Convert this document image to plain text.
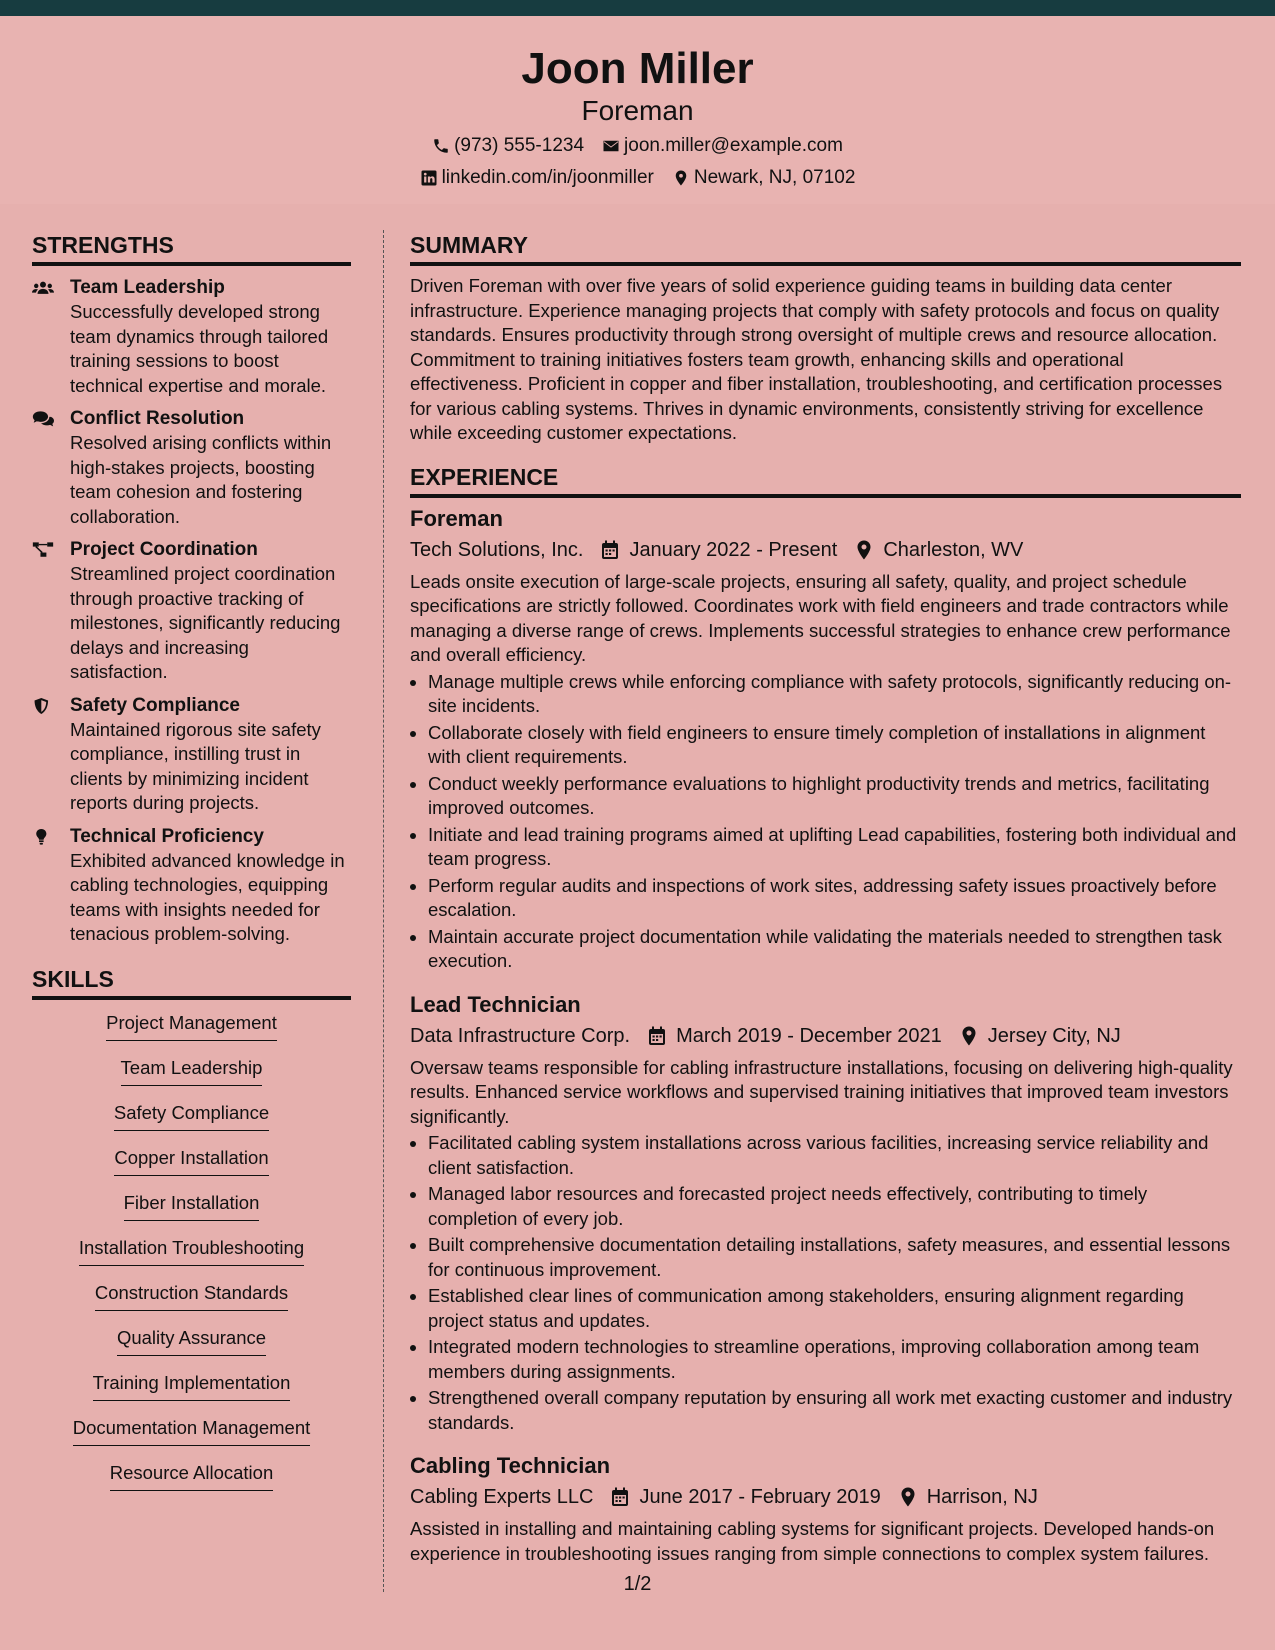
Joon Miller
Foreman
(973) 555-1234 joon.miller@example.com
linkedin.com/in/joonmiller Newark, NJ, 07102
STRENGTHS
Team Leadership
Successfully developed strong team dynamics through tailored training sessions to boost technical expertise and morale.
Conflict Resolution
Resolved arising conflicts within high-stakes projects, boosting team cohesion and fostering collaboration.
Project Coordination
Streamlined project coordination through proactive tracking of milestones, significantly reducing delays and increasing satisfaction.
Safety Compliance
Maintained rigorous site safety compliance, instilling trust in clients by minimizing incident reports during projects.
Technical Proficiency
Exhibited advanced knowledge in cabling technologies, equipping teams with insights needed for tenacious problem-solving.
SKILLS
Project Management
Team Leadership
Safety Compliance
Copper Installation
Fiber Installation
Installation Troubleshooting
Construction Standards
Quality Assurance
Training Implementation
Documentation Management
Resource Allocation
SUMMARY

Driven Foreman with over five years of solid experience guiding teams in building data center infrastructure. Experience managing projects that comply with safety protocols and focus on quality standards. Ensures productivity through strong oversight of multiple crews and resource allocation. Commitment to training initiatives fosters team growth, enhancing skills and operational effectiveness. Proficient in copper and fiber installation, troubleshooting, and certification processes for various cabling systems. Thrives in dynamic environments, consistently striving for excellence while exceeding customer expectations.

EXPERIENCE
Foreman
Tech Solutions, Inc. January 2022 - Present Charleston, WV
Leads onsite execution of large-scale projects, ensuring all safety, quality, and project schedule specifications are strictly followed. Coordinates work with field engineers and trade contractors while managing a diverse range of crews. Implements successful strategies to enhance crew performance and overall efficiency.
• Manage multiple crews while enforcing compliance with safety protocols, significantly reducing on-site incidents.
• Collaborate closely with field engineers to ensure timely completion of installations in alignment with client requirements.
• Conduct weekly performance evaluations to highlight productivity trends and metrics, facilitating improved outcomes.
• Initiate and lead training programs aimed at uplifting Lead capabilities, fostering both individual and team progress.
• Perform regular audits and inspections of work sites, addressing safety issues proactively before escalation.
• Maintain accurate project documentation while validating the materials needed to strengthen task execution.
Lead Technician
Data Infrastructure Corp. March 2019 - December 2021 Jersey City, NJ
Oversaw teams responsible for cabling infrastructure installations, focusing on delivering high-quality results. Enhanced service workflows and supervised training initiatives that improved team investors significantly.
• Facilitated cabling system installations across various facilities, increasing service reliability and client satisfaction.
• Managed labor resources and forecasted project needs effectively, contributing to timely completion of every job.
• Built comprehensive documentation detailing installations, safety measures, and essential lessons for continuous improvement.
• Established clear lines of communication among stakeholders, ensuring alignment regarding project status and updates.
• Integrated modern technologies to streamline operations, improving collaboration among team members during assignments.
• Strengthened overall company reputation by ensuring all work met exacting customer and industry standards.
Cabling Technician
Cabling Experts LLC June 2017 - February 2019 Harrison, NJ
Assisted in installing and maintaining cabling systems for significant projects. Developed hands-on experience in troubleshooting issues ranging from simple connections to complex system failures.
1/2
